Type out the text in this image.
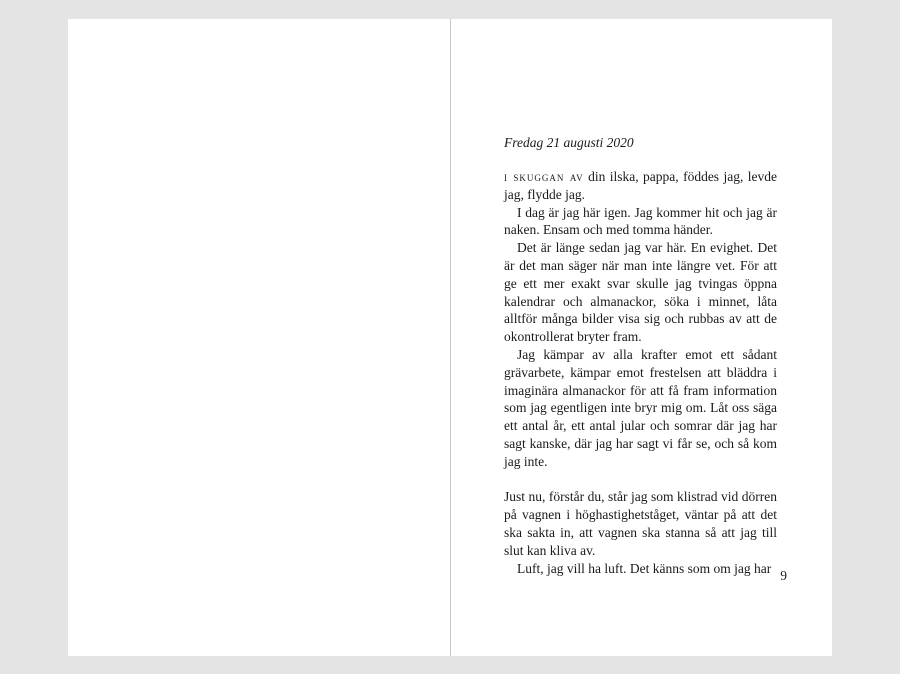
Fredag 21 augusti 2020

i skuggan av din ilska, pappa, föddes jag, levde jag, flydde jag.

I dag är jag här igen. Jag kommer hit och jag är naken. Ensam och med tomma händer.

Det är länge sedan jag var här. En evighet. Det är det man säger när man inte längre vet. För att ge ett mer exakt svar skulle jag tvingas öppna kalendrar och almanackor, söka i minnet, låta alltför många bilder visa sig och rubbas av att de okontrollerat bryter fram.

Jag kämpar av alla krafter emot ett sådant grävarbete, kämpar emot frestelsen att bläddra i imaginära almanackor för att få fram information som jag egentligen inte bryr mig om. Låt oss säga ett antal år, ett antal jular och somrar där jag har sagt kanske, där jag har sagt vi får se, och så kom jag inte.

Just nu, förstår du, står jag som klistrad vid dörren på vagnen i höghastighetståget, väntar på att det ska sakta in, att vagnen ska stanna så att jag till slut kan kliva av.

Luft, jag vill ha luft. Det känns som om jag har 9
